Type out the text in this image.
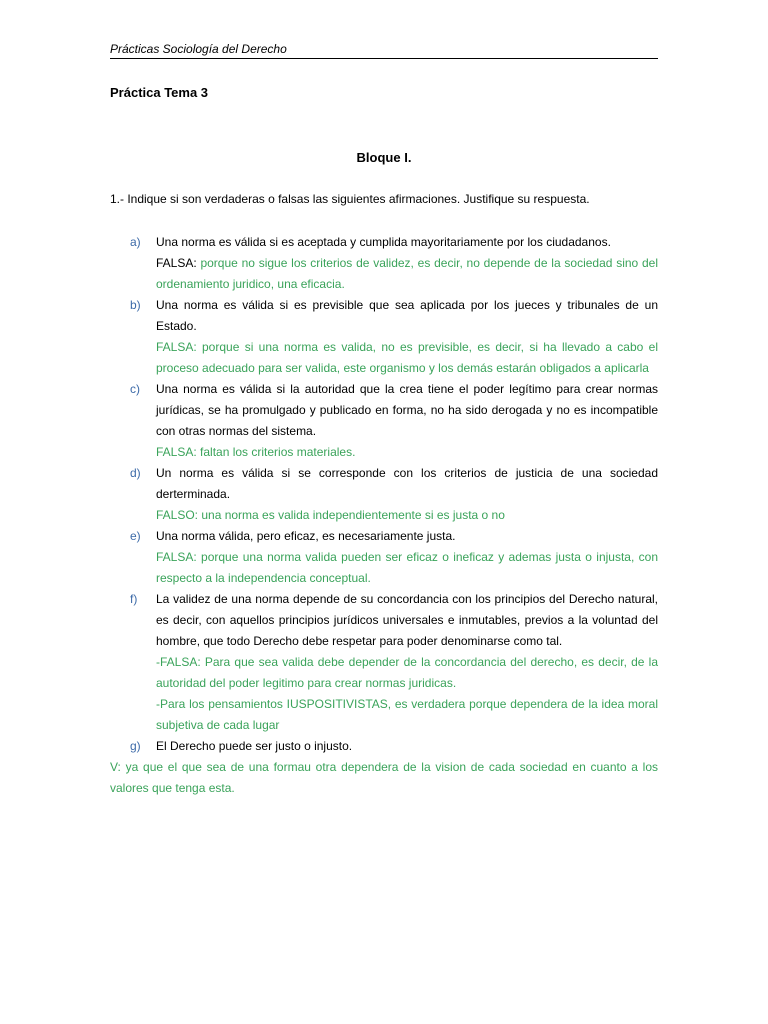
Prácticas Sociología del Derecho
Práctica Tema 3
Bloque I.
1.- Indique si son verdaderas o falsas las siguientes afirmaciones. Justifique su respuesta.
a) Una norma es válida si es aceptada y cumplida mayoritariamente por los ciudadanos.
FALSA: porque no sigue los criterios de validez, es decir, no depende de la sociedad sino del ordenamiento juridico, una eficacia.
b) Una norma es válida si es previsible que sea aplicada por los jueces y tribunales de un Estado.
FALSA: porque si una norma es valida, no es previsible, es decir, si ha llevado a cabo el proceso adecuado para ser valida, este organismo y los demás estarán obligados a aplicarla
c) Una norma es válida si la autoridad que la crea tiene el poder legítimo para crear normas jurídicas, se ha promulgado y publicado en forma, no ha sido derogada y no es incompatible con otras normas del sistema.
FALSA: faltan los criterios materiales.
d) Un norma es válida si se corresponde con los criterios de justicia de una sociedad derterminada.
FALSO: una norma es valida independientemente si es justa o no
e) Una norma válida, pero eficaz, es necesariamente justa.
FALSA: porque una norma valida pueden ser eficaz o ineficaz y ademas justa o injusta, con respecto a la independencia conceptual.
f) La validez de una norma depende de su concordancia con los principios del Derecho natural, es decir, con aquellos principios jurídicos universales e inmutables, previos a la voluntad del hombre, que todo Derecho debe respetar para poder denominarse como tal.
-FALSA: Para que sea valida debe depender de la concordancia del derecho, es decir, de la autoridad del poder legitimo para crear normas juridicas.
-Para los pensamientos IUSPOSITIVISTAS, es verdadera porque dependera de la idea moral subjetiva de cada lugar
g) El Derecho puede ser justo o injusto.
V: ya que el que sea de una formau otra dependera de la vision de cada sociedad en cuanto a los valores que tenga esta.
